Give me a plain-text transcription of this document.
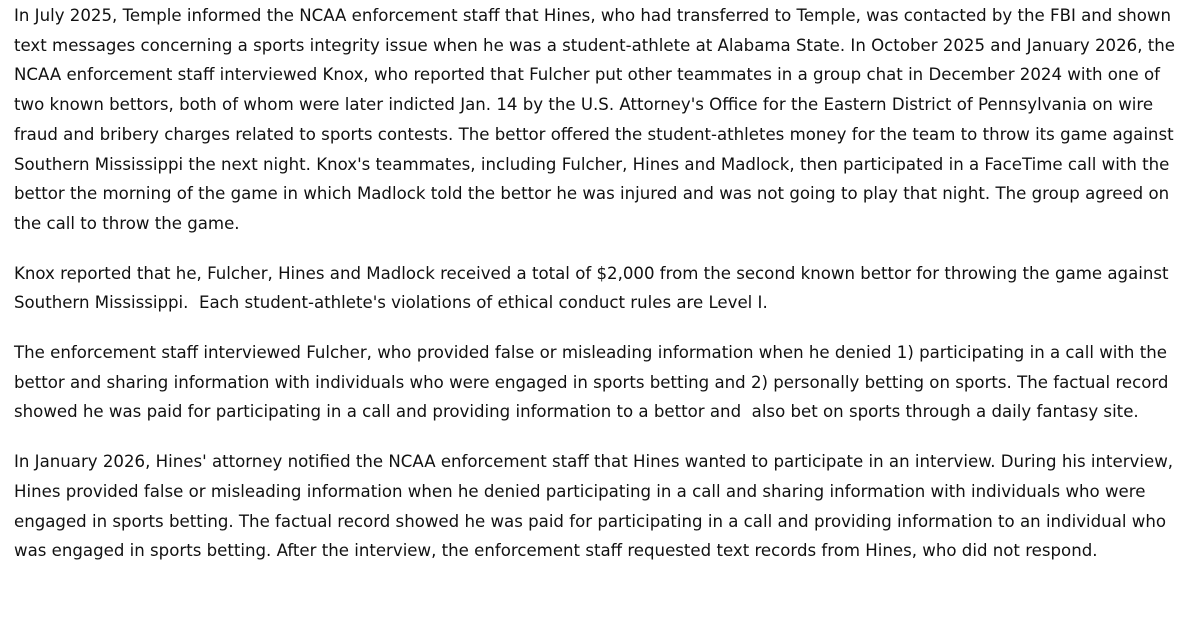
In July 2025, Temple informed the NCAA enforcement staff that Hines, who had transferred to Temple, was contacted by the FBI and shown text messages concerning a sports integrity issue when he was a student-athlete at Alabama State. In October 2025 and January 2026, the NCAA enforcement staff interviewed Knox, who reported that Fulcher put other teammates in a group chat in December 2024 with one of two known bettors, both of whom were later indicted Jan. 14 by the U.S. Attorney's Office for the Eastern District of Pennsylvania on wire fraud and bribery charges related to sports contests. The bettor offered the student-athletes money for the team to throw its game against Southern Mississippi the next night. Knox's teammates, including Fulcher, Hines and Madlock, then participated in a FaceTime call with the bettor the morning of the game in which Madlock told the bettor he was injured and was not going to play that night. The group agreed on the call to throw the game.

Knox reported that he, Fulcher, Hines and Madlock received a total of $2,000 from the second known bettor for throwing the game against Southern Mississippi.  Each student-athlete's violations of ethical conduct rules are Level I.

The enforcement staff interviewed Fulcher, who provided false or misleading information when he denied 1) participating in a call with the bettor and sharing information with individuals who were engaged in sports betting and 2) personally betting on sports. The factual record showed he was paid for participating in a call and providing information to a bettor and  also bet on sports through a daily fantasy site.

In January 2026, Hines' attorney notified the NCAA enforcement staff that Hines wanted to participate in an interview. During his interview, Hines provided false or misleading information when he denied participating in a call and sharing information with individuals who were engaged in sports betting. The factual record showed he was paid for participating in a call and providing information to an individual who was engaged in sports betting. After the interview, the enforcement staff requested text records from Hines, who did not respond.
